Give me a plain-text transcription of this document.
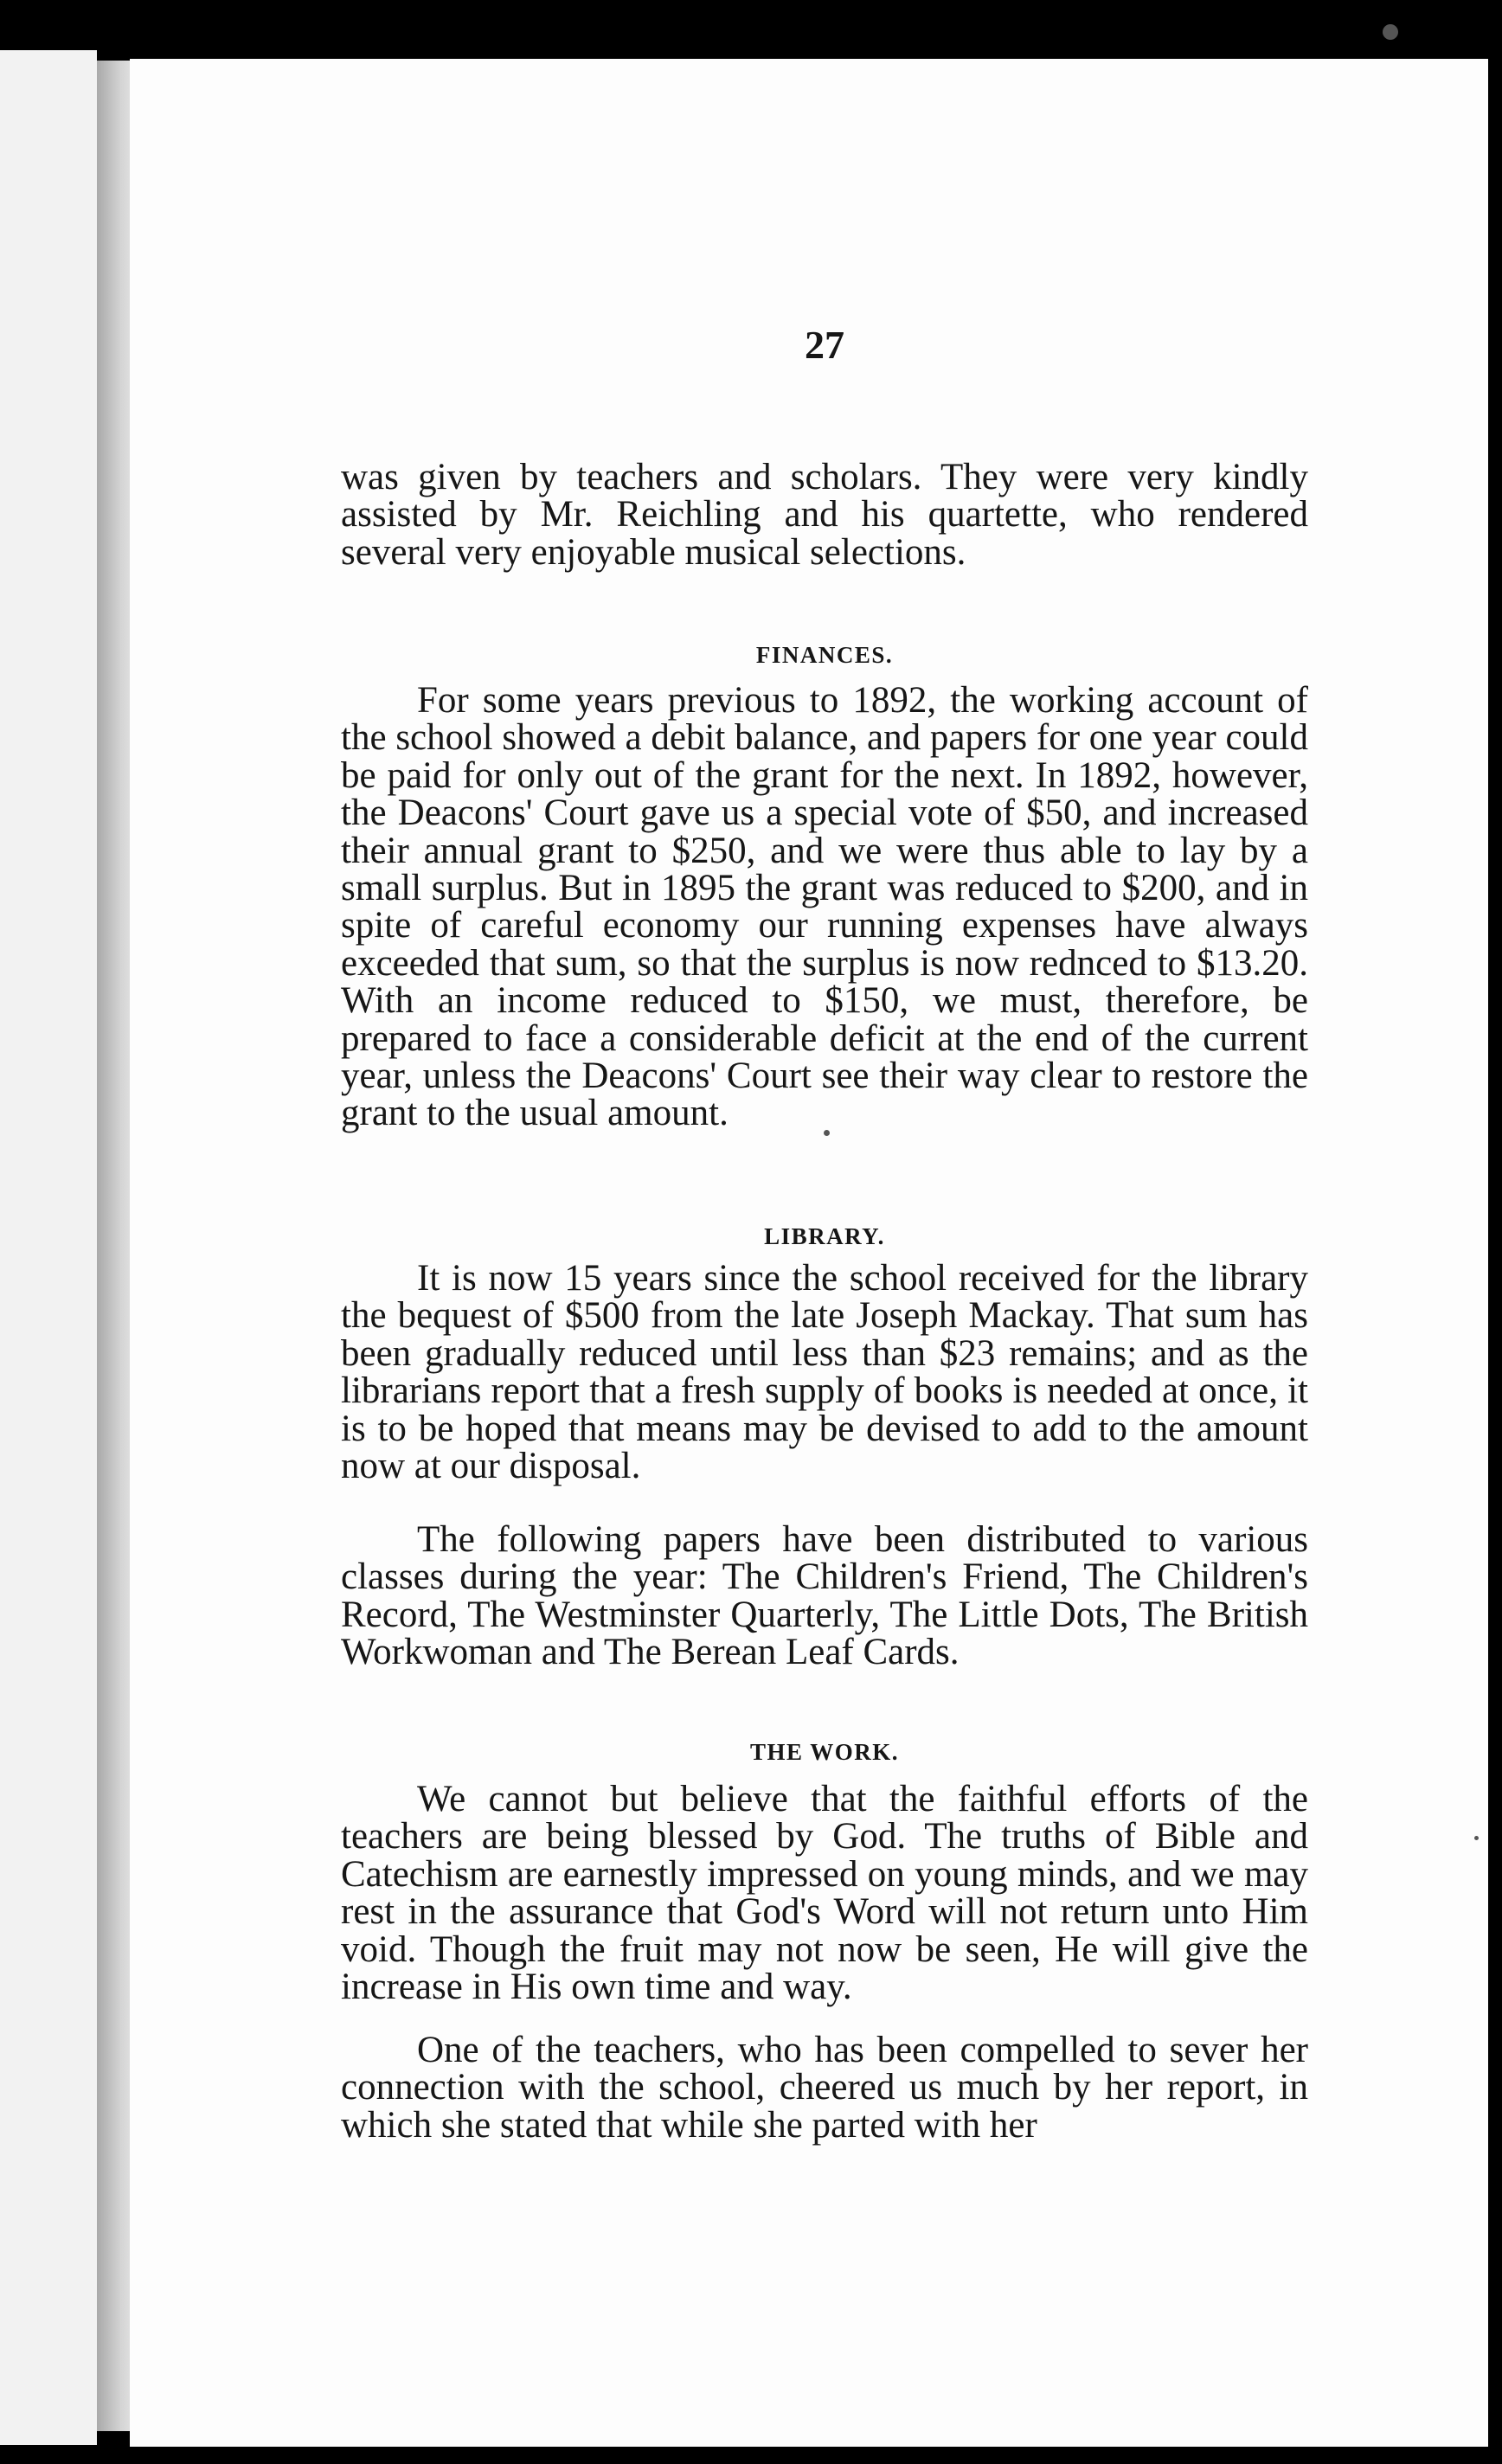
27

was given by teachers and scholars. They were very kindly assisted by Mr. Reichling and his quartette, who rendered several very enjoyable musical selections.

FINANCES.

For some years previous to 1892, the working account of the school showed a debit balance, and papers for one year could be paid for only out of the grant for the next. In 1892, however, the Deacons' Court gave us a special vote of $50, and increased their annual grant to $250, and we were thus able to lay by a small surplus. But in 1895 the grant was reduced to $200, and in spite of careful economy our running expenses have always exceeded that sum, so that the surplus is now rednced to $13.20. With an income reduced to $150, we must, therefore, be prepared to face a considerable deficit at the end of the current year, unless the Deacons' Court see their way clear to restore the grant to the usual amount.

LIBRARY.

It is now 15 years since the school received for the library the bequest of $500 from the late Joseph Mackay. That sum has been gradually reduced until less than $23 remains; and as the librarians report that a fresh supply of books is needed at once, it is to be hoped that means may be devised to add to the amount now at our disposal.

The following papers have been distributed to various classes during the year: The Children's Friend, The Children's Record, The Westminster Quarterly, The Little Dots, The British Workwoman and The Berean Leaf Cards.

THE WORK.

We cannot but believe that the faithful efforts of the teachers are being blessed by God. The truths of Bible and Catechism are earnestly impressed on young minds, and we may rest in the assurance that God's Word will not return unto Him void. Though the fruit may not now be seen, He will give the increase in His own time and way.

One of the teachers, who has been compelled to sever her connection with the school, cheered us much by her report, in which she stated that while she parted with her
